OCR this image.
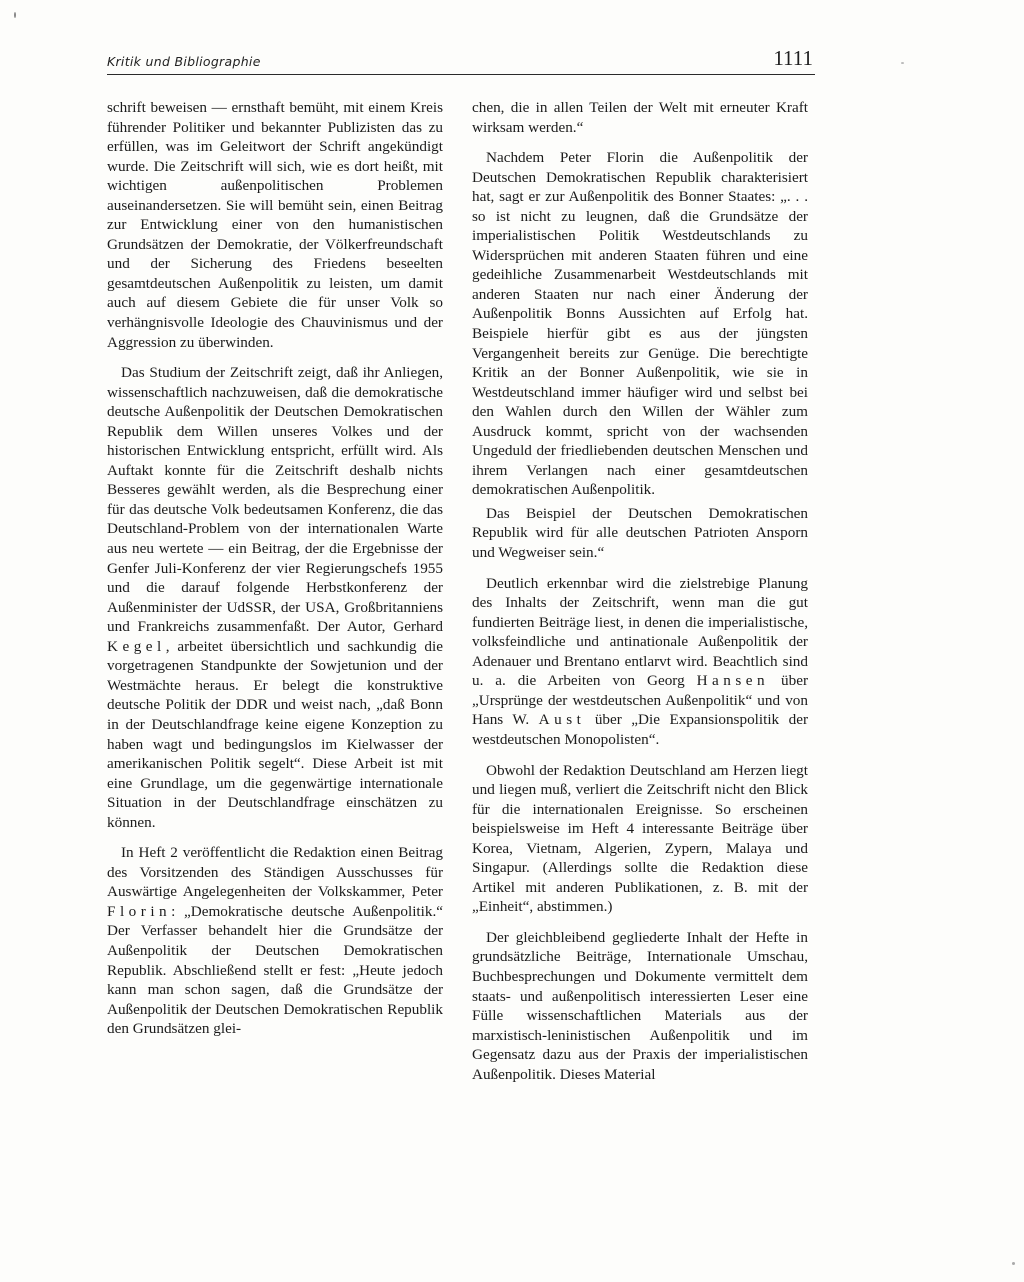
Kritik und Bibliographie	1111

schrift beweisen — ernsthaft bemüht, mit einem Kreis führender Politiker und bekannter Publizisten das zu erfüllen, was im Geleitwort der Schrift angekündigt wurde. Die Zeitschrift will sich, wie es dort heißt, mit wichtigen außenpolitischen Problemen auseinandersetzen. Sie will bemüht sein, einen Beitrag zur Entwicklung einer von den humanistischen Grundsätzen der Demokratie, der Völkerfreundschaft und der Sicherung des Friedens beseelten gesamtdeutschen Außenpolitik zu leisten, um damit auch auf diesem Gebiete die für unser Volk so verhängnisvolle Ideologie des Chauvinismus und der Aggression zu überwinden.

Das Studium der Zeitschrift zeigt, daß ihr Anliegen, wissenschaftlich nachzuweisen, daß die demokratische deutsche Außenpolitik der Deutschen Demokratischen Republik dem Willen unseres Volkes und der historischen Entwicklung entspricht, erfüllt wird. Als Auftakt konnte für die Zeitschrift deshalb nichts Besseres gewählt werden, als die Besprechung einer für das deutsche Volk bedeutsamen Konferenz, die das Deutschland-Problem von der internationalen Warte aus neu wertete — ein Beitrag, der die Ergebnisse der Genfer Juli-Konferenz der vier Regierungschefs 1955 und die darauf folgende Herbstkonferenz der Außenminister der UdSSR, der USA, Großbritanniens und Frankreichs zusammenfaßt. Der Autor, Gerhard Kegel, arbeitet übersichtlich und sachkundig die vorgetragenen Standpunkte der Sowjetunion und der Westmächte heraus. Er belegt die konstruktive deutsche Politik der DDR und weist nach, „daß Bonn in der Deutschlandfrage keine eigene Konzeption zu haben wagt und bedingungslos im Kielwasser der amerikanischen Politik segelt“. Diese Arbeit ist mit eine Grundlage, um die gegenwärtige internationale Situation in der Deutschlandfrage einschätzen zu können.

In Heft 2 veröffentlicht die Redaktion einen Beitrag des Vorsitzenden des Ständigen Ausschusses für Auswärtige Angelegenheiten der Volkskammer, Peter Florin: „Demokratische deutsche Außenpolitik.“ Der Verfasser behandelt hier die Grundsätze der Außenpolitik der Deutschen Demokratischen Republik. Abschließend stellt er fest: „Heute jedoch kann man schon sagen, daß die Grundsätze der Außenpolitik der Deutschen Demokratischen Republik den Grundsätzen glei-

chen, die in allen Teilen der Welt mit erneuter Kraft wirksam werden.“

Nachdem Peter Florin die Außenpolitik der Deutschen Demokratischen Republik charakterisiert hat, sagt er zur Außenpolitik des Bonner Staates: „. . . so ist nicht zu leugnen, daß die Grundsätze der imperialistischen Politik Westdeutschlands zu Widersprüchen mit anderen Staaten führen und eine gedeihliche Zusammenarbeit Westdeutschlands mit anderen Staaten nur nach einer Änderung der Außenpolitik Bonns Aussichten auf Erfolg hat. Beispiele hierfür gibt es aus der jüngsten Vergangenheit bereits zur Genüge. Die berechtigte Kritik an der Bonner Außenpolitik, wie sie in Westdeutschland immer häufiger wird und selbst bei den Wahlen durch den Willen der Wähler zum Ausdruck kommt, spricht von der wachsenden Ungeduld der friedliebenden deutschen Menschen und ihrem Verlangen nach einer gesamtdeutschen demokratischen Außenpolitik.

Das Beispiel der Deutschen Demokratischen Republik wird für alle deutschen Patrioten Ansporn und Wegweiser sein.“

Deutlich erkennbar wird die zielstrebige Planung des Inhalts der Zeitschrift, wenn man die gut fundierten Beiträge liest, in denen die imperialistische, volksfeindliche und antinationale Außenpolitik der Adenauer und Brentano entlarvt wird. Beachtlich sind u. a. die Arbeiten von Georg Hansen über „Ursprünge der westdeutschen Außenpolitik“ und von Hans W. Aust über „Die Expansionspolitik der westdeutschen Monopolisten“.

Obwohl der Redaktion Deutschland am Herzen liegt und liegen muß, verliert die Zeitschrift nicht den Blick für die internationalen Ereignisse. So erscheinen beispielsweise im Heft 4 interessante Beiträge über Korea, Vietnam, Algerien, Zypern, Malaya und Singapur. (Allerdings sollte die Redaktion diese Artikel mit anderen Publikationen, z. B. mit der „Einheit“, abstimmen.)

Der gleichbleibend gegliederte Inhalt der Hefte in grundsätzliche Beiträge, Internationale Umschau, Buchbesprechungen und Dokumente vermittelt dem staats- und außenpolitisch interessierten Leser eine Fülle wissenschaftlichen Materials aus der marxistisch-leninistischen Außenpolitik und im Gegensatz dazu aus der Praxis der imperialistischen Außenpolitik. Dieses Material
